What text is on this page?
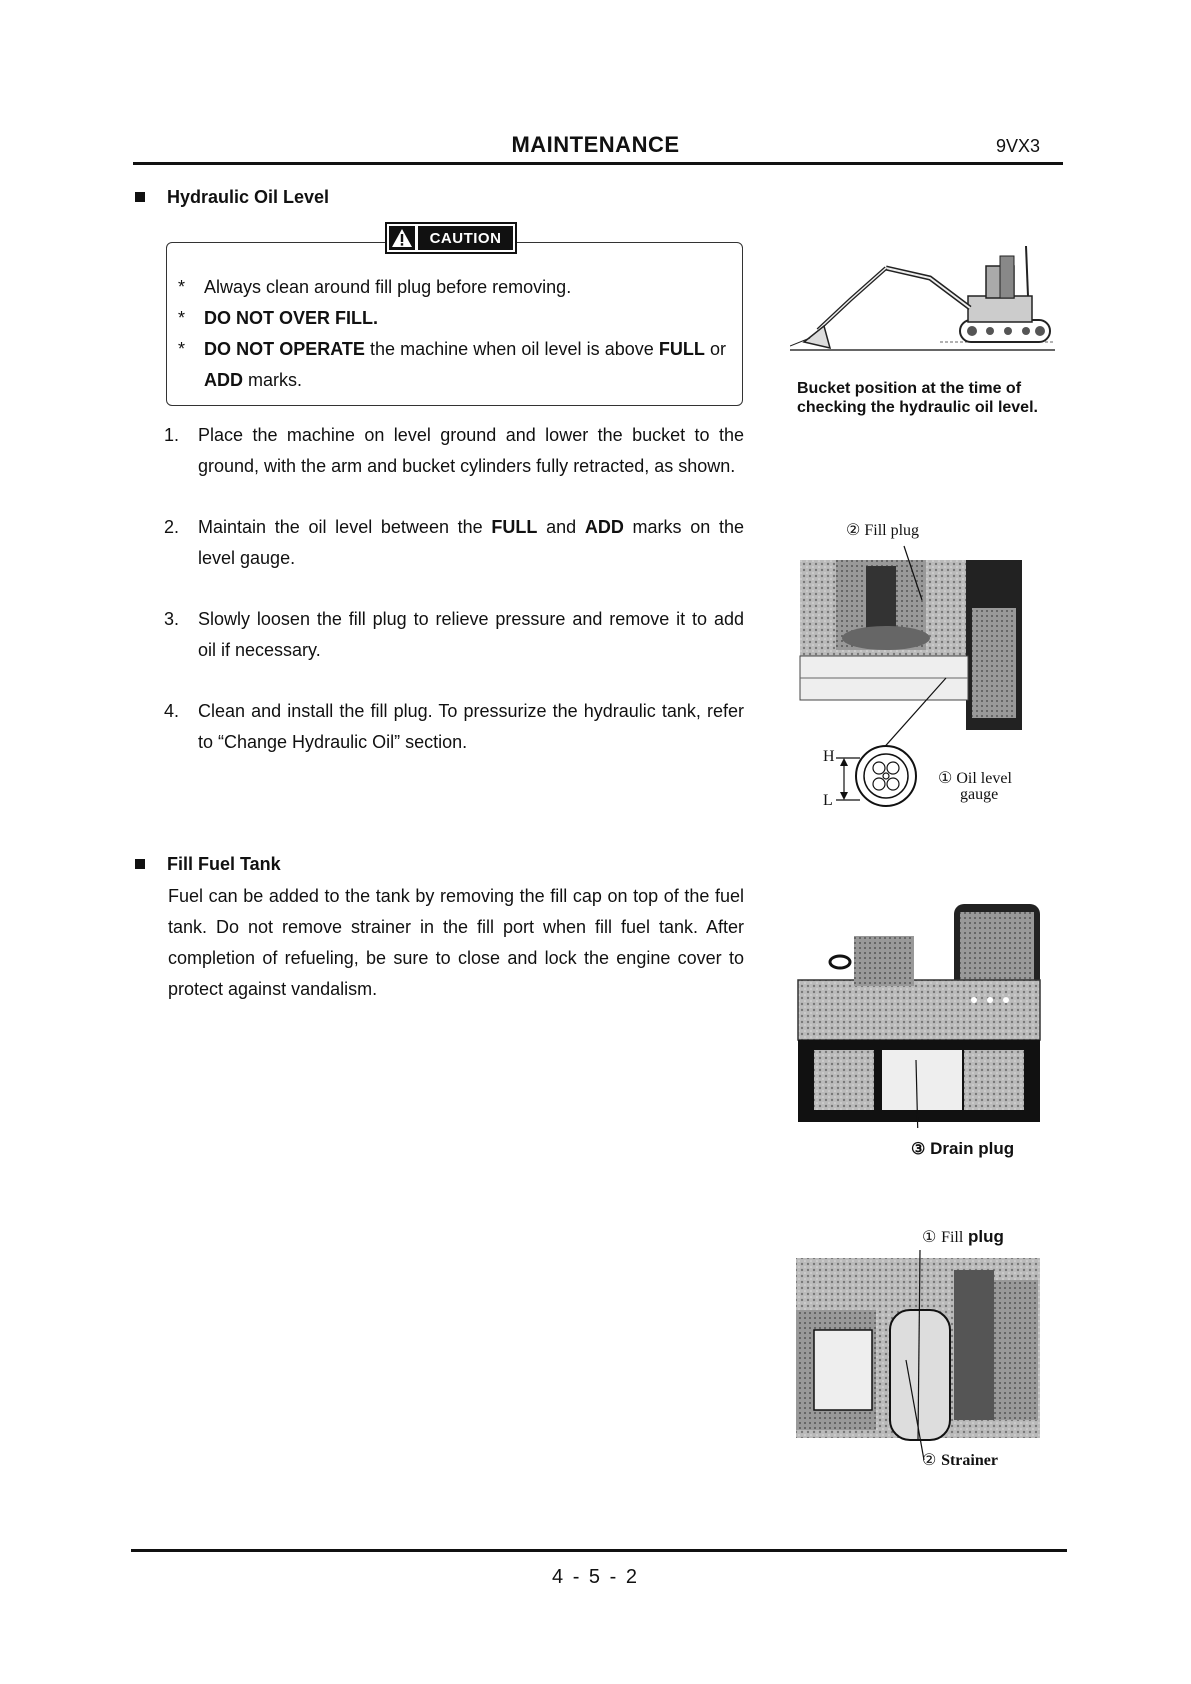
MAINTENANCE	9VX3
Hydraulic Oil Level
CAUTION
*	Always clean around fill plug before removing.
*	DO NOT OVER FILL.
*	DO NOT OPERATE the machine when oil level is above FULL or ADD marks.
1.	Place the machine on level ground and lower the bucket to the ground, with the arm and bucket cylinders fully retracted, as shown.
2.	Maintain the oil level between the FULL and ADD marks on the level gauge.
3.	Slowly loosen the fill plug to relieve pressure and remove it to add oil if necessary.
4.	Clean and install the fill plug. To pressurize the hydraulic tank, refer to “Change Hydraulic Oil” section.
Fill Fuel Tank
Fuel can be added to the tank by removing the fill cap on top of the fuel tank. Do not remove strainer in the fill port when fill fuel tank. After completion of refueling, be sure to close and lock the engine cover to protect against vandalism.
Bucket position at the time of checking the hydraulic oil level.
② Fill plug
H
L
① Oil level
gauge
③ Drain plug
① Fill plug
② Strainer
4 - 5 - 2
